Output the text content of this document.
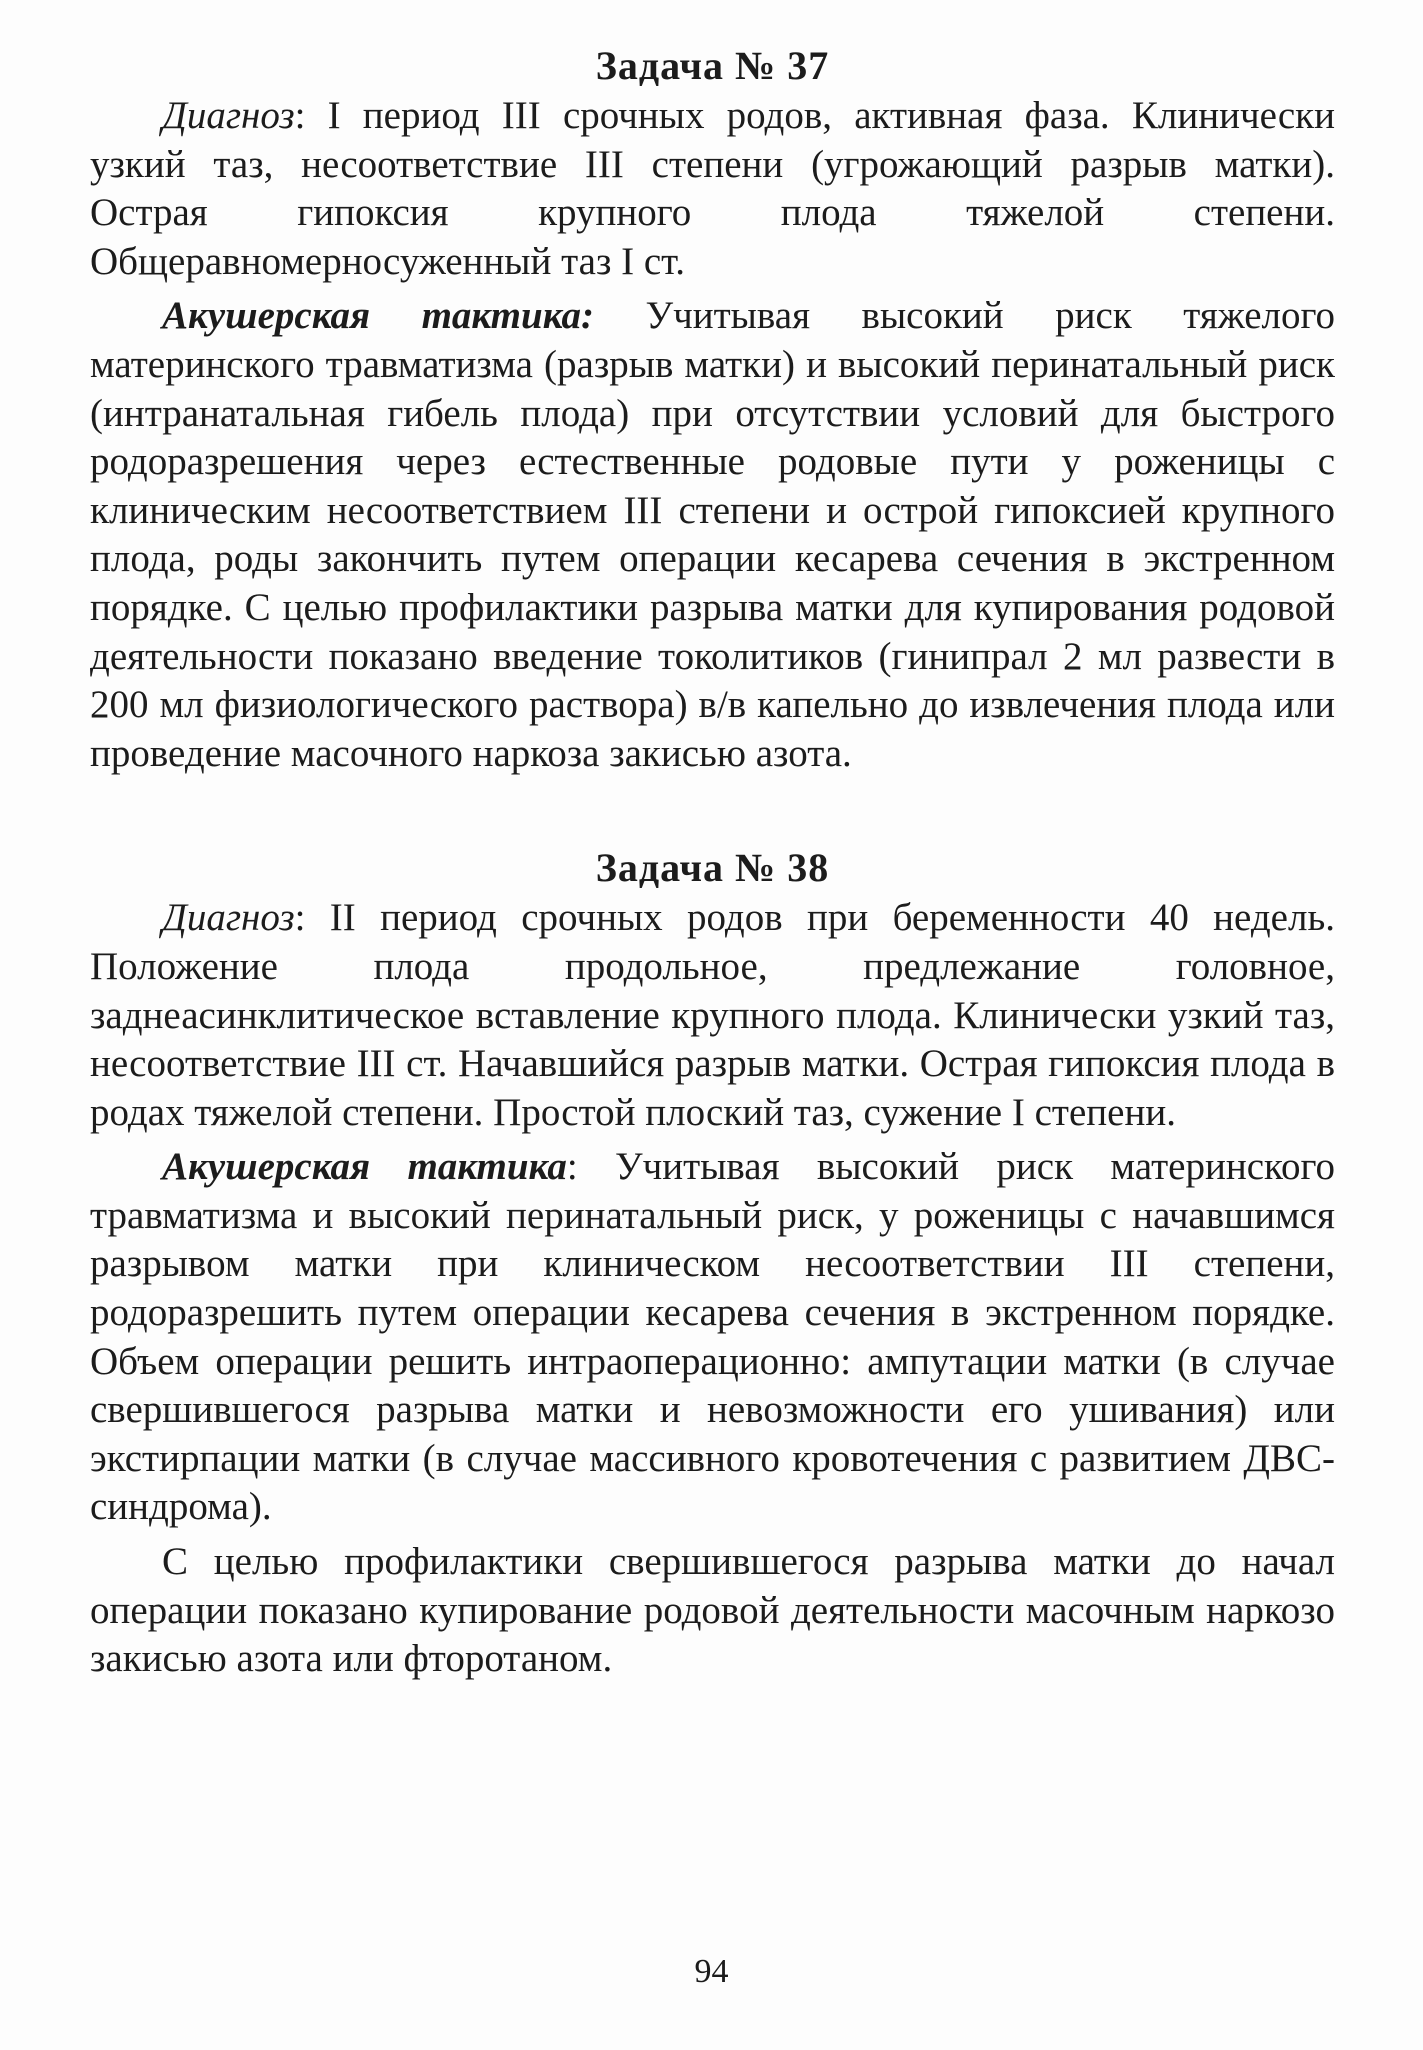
Задача № 37

Диагноз: I период III срочных родов, активная фаза. Клинически узкий таз, несоответствие III степени (угрожающий разрыв матки). Острая гипоксия крупного плода тяжелой степени. Общеравномерносуженный таз I ст.

Акушерская тактика: Учитывая высокий риск тяжелого материнского травматизма (разрыв матки) и высокий перинатальный риск (интранатальная гибель плода) при отсутствии условий для быстрого родоразрешения через естественные родовые пути у роженицы с клиническим несоответствием III степени и острой гипоксией крупного плода, роды закончить путем операции кесарева сечения в экстренном порядке. С целью профилактики разрыва матки для купирования родовой деятельности показано введение токолитиков (гинипрал 2 мл развести в 200 мл физиологического раствора) в/в капельно до извлечения плода или проведение масочного наркоза закисью азота.

Задача № 38

Диагноз: II период срочных родов при беременности 40 недель. Положение плода продольное, предлежание головное, заднеасинклитическое вставление крупного плода. Клинически узкий таз, несоответствие III ст. Начавшийся разрыв матки. Острая гипоксия плода в родах тяжелой степени. Простой плоский таз, сужение I степени.

Акушерская тактика: Учитывая высокий риск материнского травматизма и высокий перинатальный риск, у роженицы с начавшимся разрывом матки при клиническом несоответствии III степени, родоразрешить путем операции кесарева сечения в экстренном порядке. Объем операции решить интраоперационно: ампутации матки (в случае свершившегося разрыва матки и невозможности его ушивания) или экстирпации матки (в случае массивного кровотечения с развитием ДВС-синдрома).

С целью профилактики свершившегося разрыва матки до начал операции показано купирование родовой деятельности масочным наркозо закисью азота или фторотаном.

94
